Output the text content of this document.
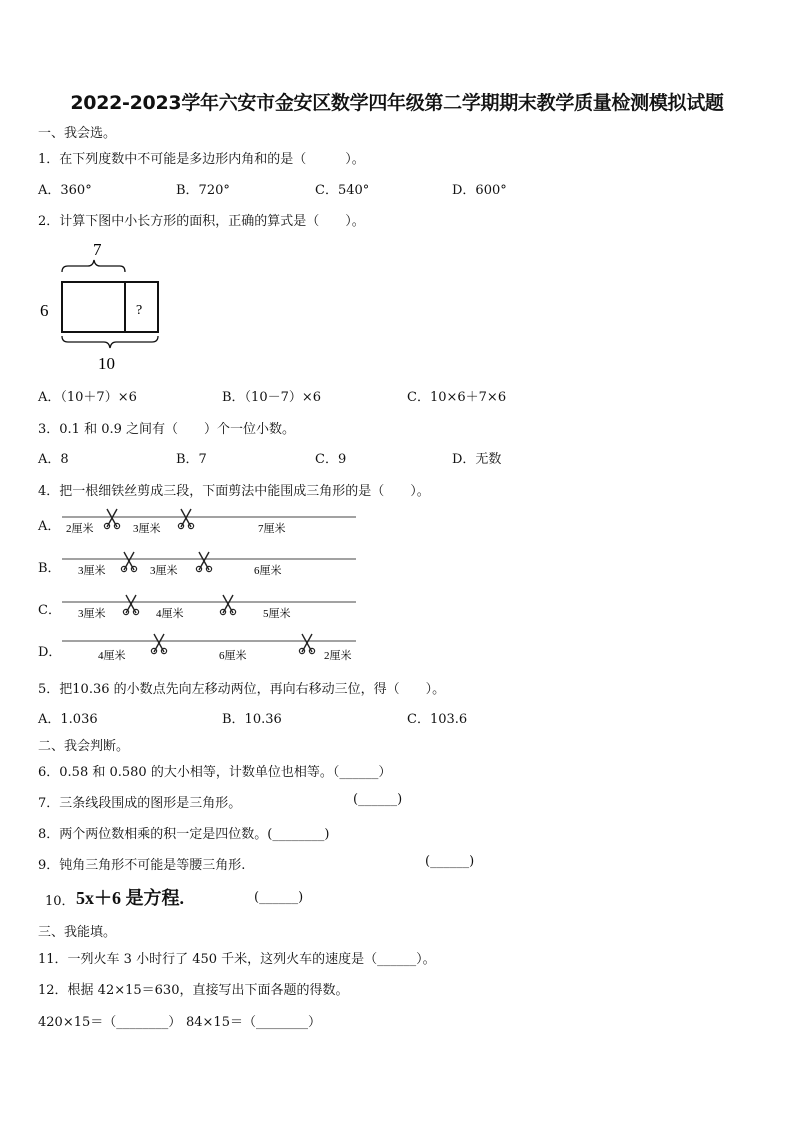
2022-2023学年六安市金安区数学四年级第二学期期末教学质量检测模拟试题
一、我会选。
1．在下列度数中不可能是多边形内角和的是（　　　）。
A．360°	B．720°	C．540°	D．600°
2．计算下图中小长方形的面积，正确的算式是（　　）。
7
?
6
10
A．（10＋7）×6	B．（10－7）×6	C．10×6＋7×6
3．0.1 和 0.9 之间有（　　）个一位小数。
A．8	B．7	C．9	D．无数
4．把一根细铁丝剪成三段，下面剪法中能围成三角形的是（　　）。
A． 2厘米	3厘米	7厘米
B． 3厘米	3厘米	6厘米
C． 3厘米	4厘米	5厘米
D．	4厘米	6厘米	2厘米
5．把10.36 的小数点先向左移动两位，再向右移动三位，得（　　）。
A．1.036	B．10.36	C．103.6
二、我会判断。
6．0.58 和 0.580 的大小相等，计数单位也相等。（______）
7．三条线段围成的图形是三角形。	(______)
8．两个两位数相乘的积一定是四位数。(________)
9．钝角三角形不可能是等腰三角形.	(______)
10． 5x＋6 是方程.	(______)
三、我能填。
11．一列火车 3 小时行了 450 千米，这列火车的速度是（______）。
12．根据 42×15＝630，直接写出下面各题的得数。
420×15＝（________） 84×15＝（________）
